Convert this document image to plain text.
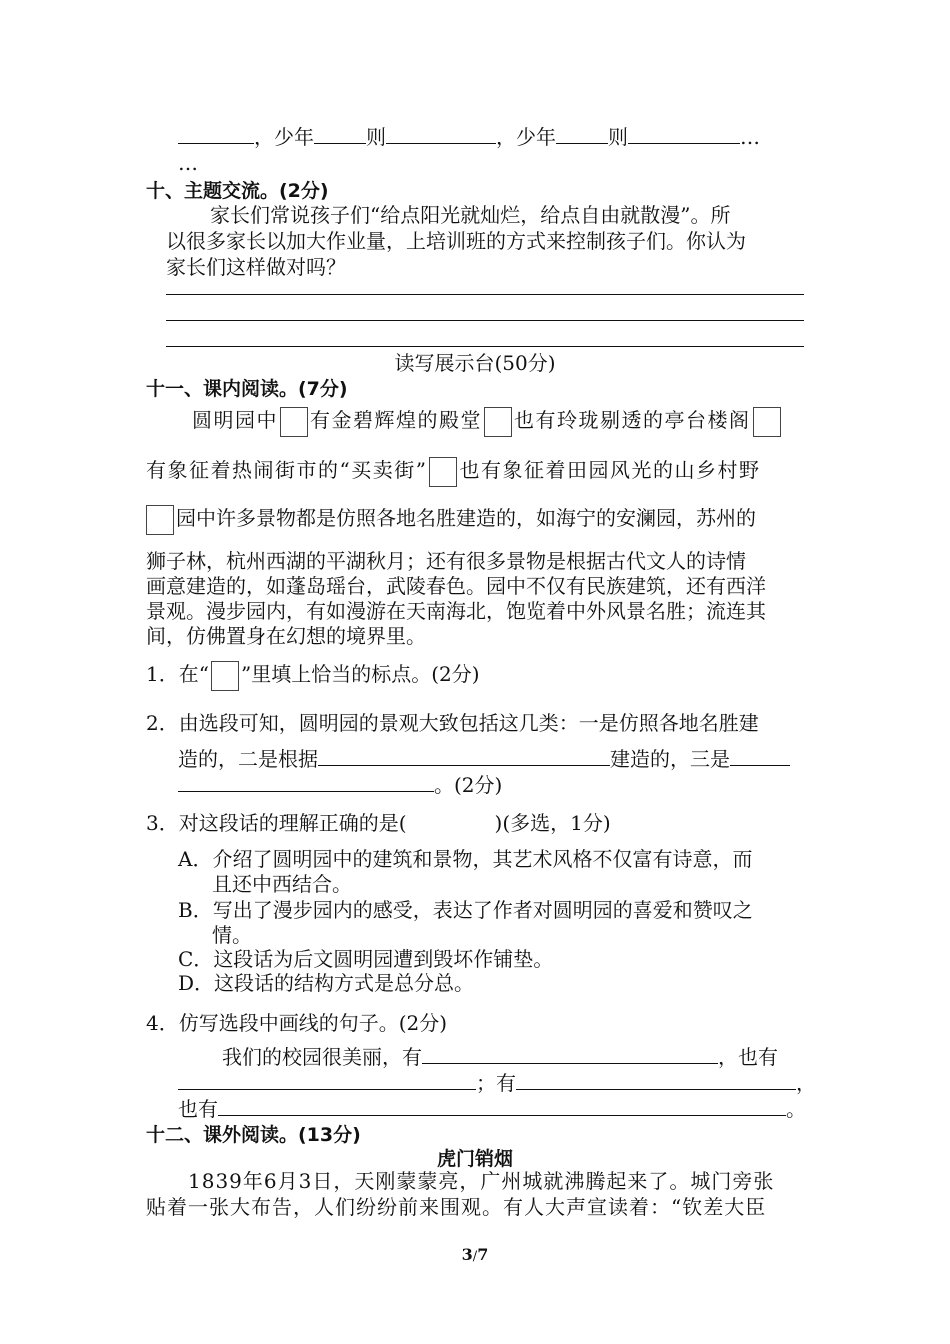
，少年	则	，少年	则	…
…
十、主题交流。(2分)
家长们常说孩子们“给点阳光就灿烂，给点自由就散漫”。所
以很多家长以加大作业量，上培训班的方式来控制孩子们。你认为
家长们这样做对吗？
读写展示台(50分)
十一、课内阅读。(7分)
圆明园中 有金碧辉煌的殿堂 也有玲珑剔透的亭台楼阁
有象征着热闹街市的“买卖街” 也有象征着田园风光的山乡村野
园中许多景物都是仿照各地名胜建造的，如海宁的安澜园，苏州的
狮子林，杭州西湖的平湖秋月；还有很多景物是根据古代文人的诗情
画意建造的，如蓬岛瑶台，武陵春色。园中不仅有民族建筑，还有西洋
景观。漫步园内，有如漫游在天南海北，饱览着中外风景名胜；流连其
间，仿佛置身在幻想的境界里。
1．在“ ”里填上恰当的标点。(2分)
2．由选段可知，圆明园的景观大致包括这几类：一是仿照各地名胜建
造的，二是根据	建造的，三是
。(2分)
3．对这段话的理解正确的是(	)(多选，1分)
A．介绍了圆明园中的建筑和景物，其艺术风格不仅富有诗意，而
且还中西结合。
B．写出了漫步园内的感受，表达了作者对圆明园的喜爱和赞叹之
情。
C．这段话为后文圆明园遭到毁坏作铺垫。
D．这段话的结构方式是总分总。
4．仿写选段中画线的句子。(2分)
我们的校园很美丽，有	，也有
；有	，
也有	。
十二、课外阅读。(13分)
虎门销烟
1839年6月3日，天刚蒙蒙亮，广州城就沸腾起来了。城门旁张
贴着一张大布告，人们纷纷前来围观。有人大声宣读着：“钦差大臣
3/7
